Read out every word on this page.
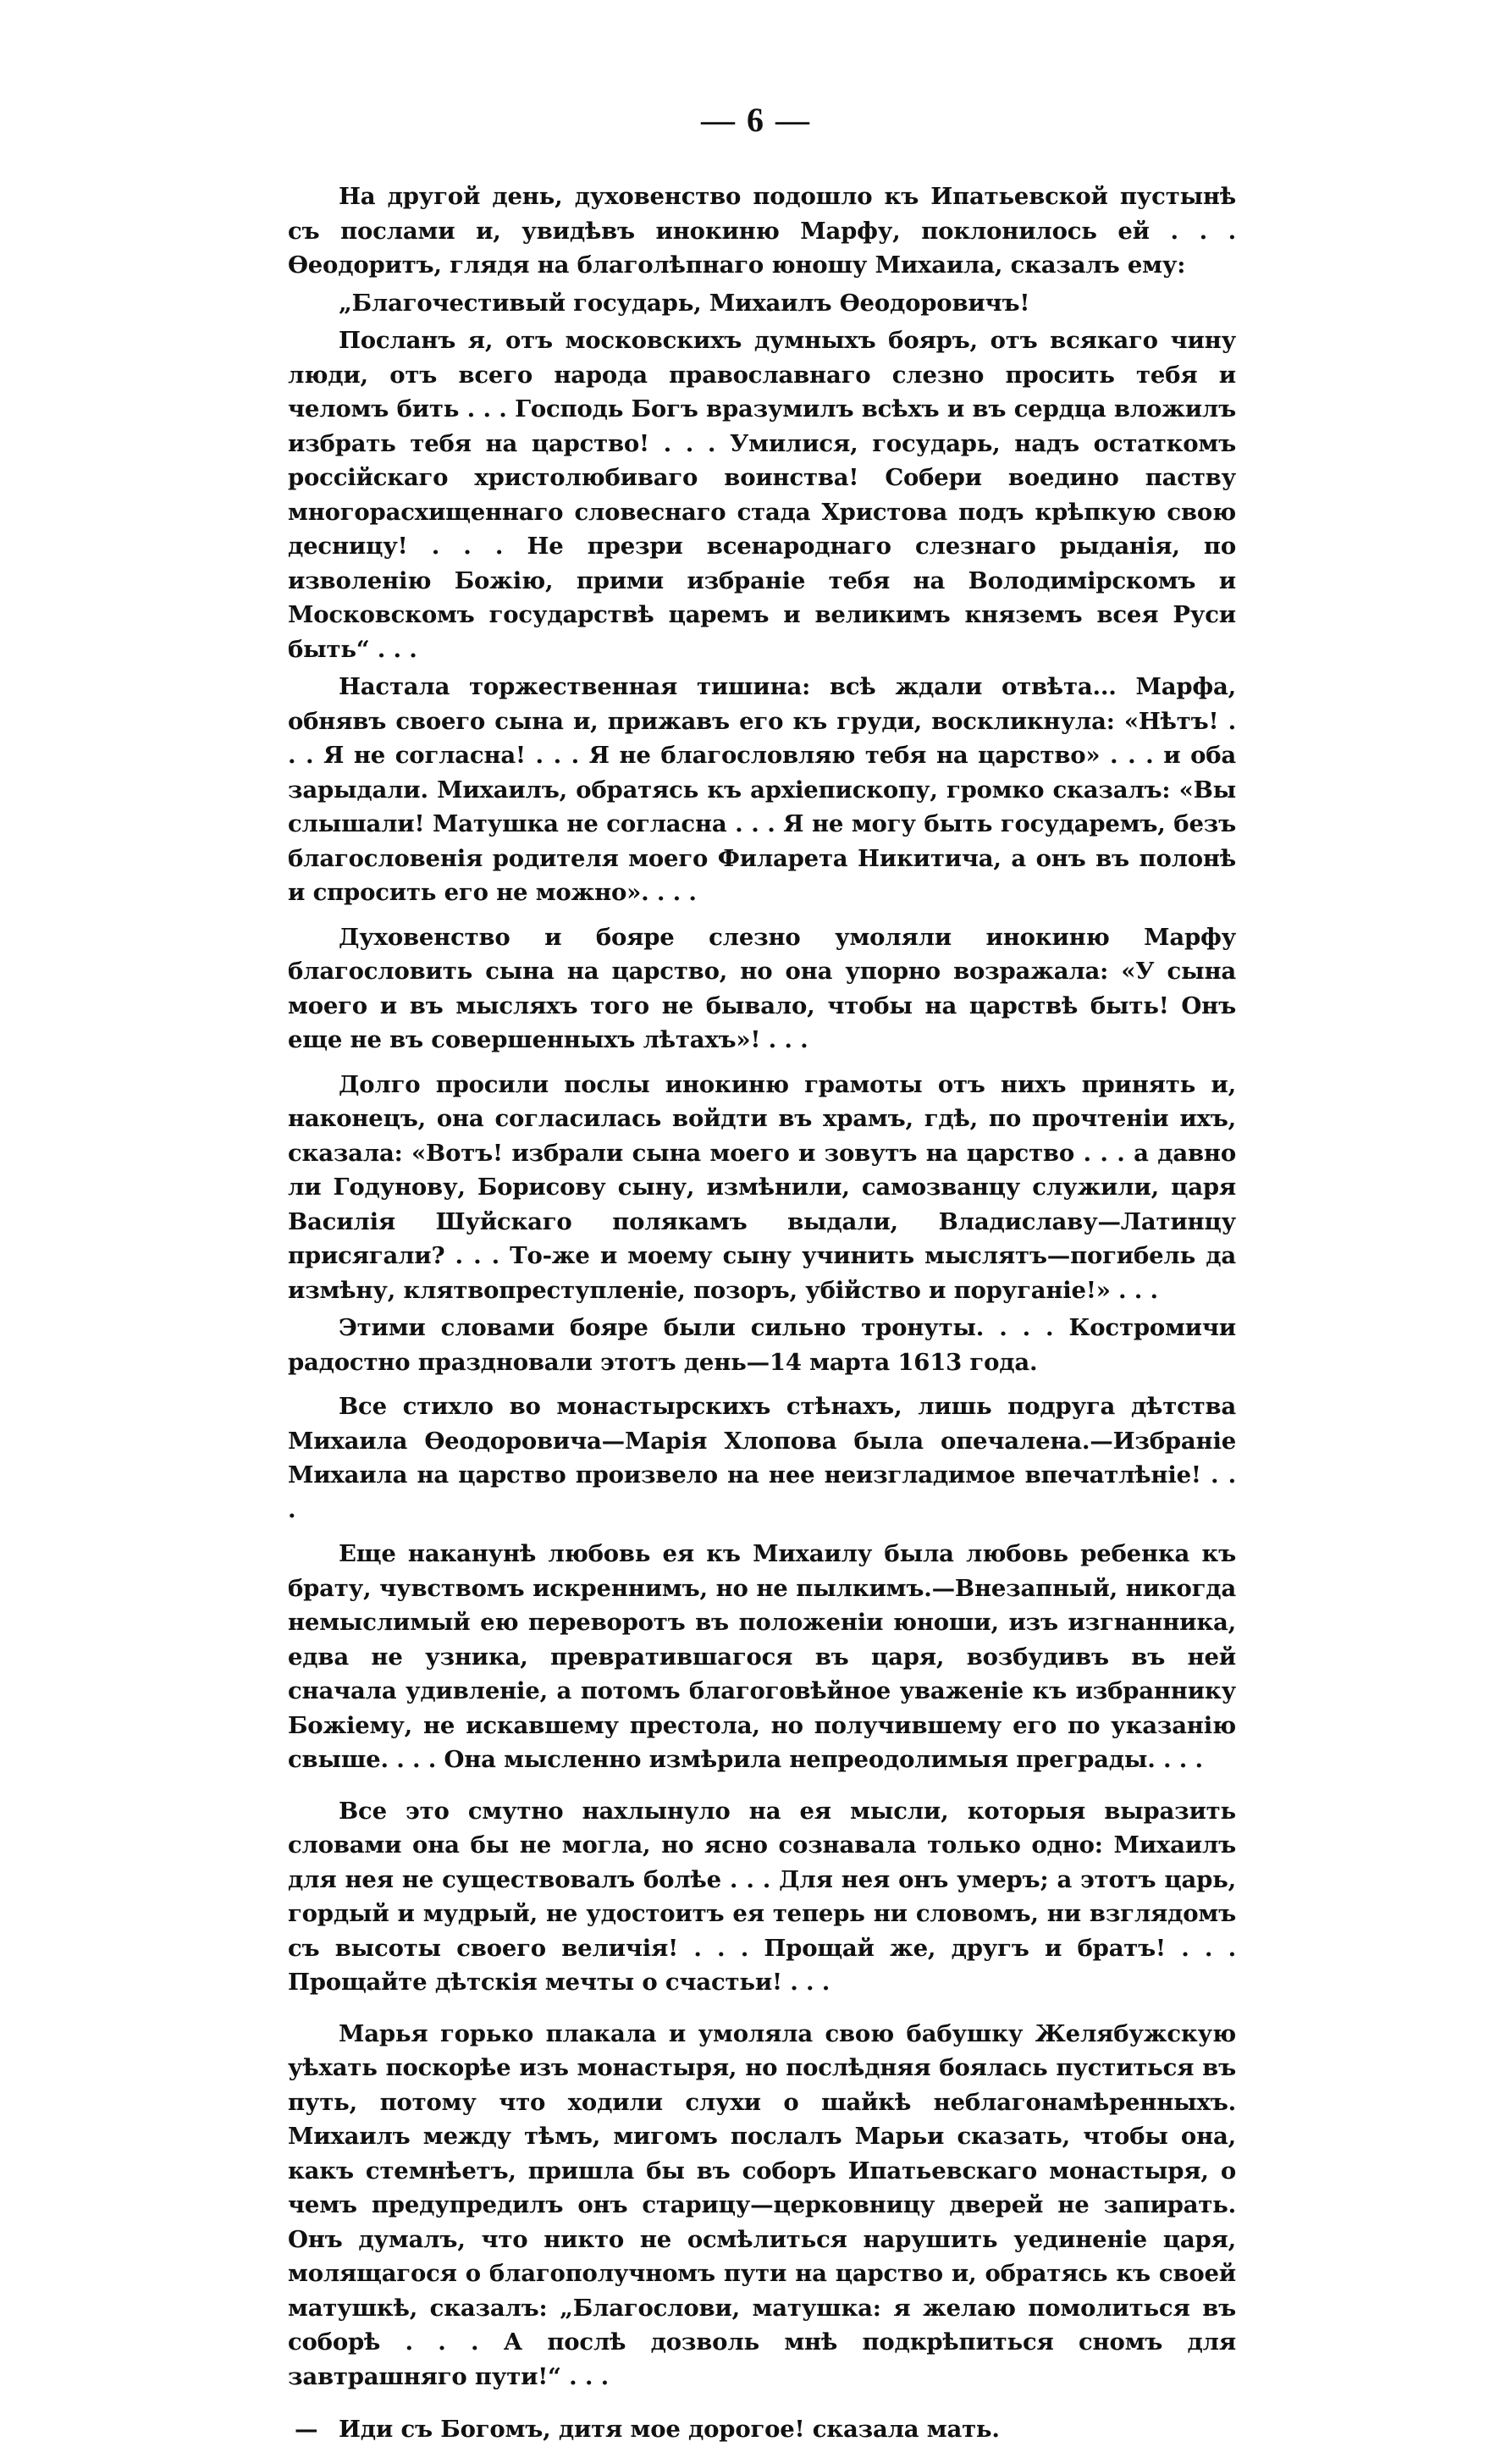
— 6 —

На другой день, духовенство подошло къ Ипатьевской пустынѣ съ послами и, увидѣвъ инокиню Марфу, поклонилось ей . . . Ѳеодоритъ, глядя на благолѣпнаго юношу Михаила, сказалъ ему:

„Благочестивый государь, Михаилъ Ѳеодоровичъ!

Посланъ я, отъ московскихъ думныхъ бояръ, отъ всякаго чину люди, отъ всего народа православнаго слезно просить тебя и челомъ бить . . . Господь Богъ вразумилъ всѣхъ и въ сердца вложилъ избрать тебя на царство! . . . Умилися, государь, надъ остаткомъ россійскаго христолюбиваго воинства! Собери воедино паству многорасхищеннаго словеснаго стада Христова подъ крѣпкую свою десницу! . . . Не презри всенароднаго слезнаго рыданія, по изволенію Божію, прими избраніе тебя на Володимірскомъ и Московскомъ государствѣ царемъ и великимъ княземъ всея Руси быть“ . . .

Настала торжественная тишина: всѣ ждали отвѣта... Марфа, обнявъ своего сына и, прижавъ его къ груди, воскликнула: «Нѣтъ! . . . Я не согласна! . . . Я не благословляю тебя на царство» . . . и оба зарыдали. Михаилъ, обратясь къ архіепископу, громко сказалъ: «Вы слышали! Матушка не согласна . . . Я не могу быть государемъ, безъ благословенія родителя моего Филарета Никитича, а онъ въ полонѣ и спросить его не можно». . . .

Духовенство и бояре слезно умоляли инокиню Марфу благословить сына на царство, но она упорно возражала: «У сына моего и въ мысляхъ того не бывало, чтобы на царствѣ быть! Онъ еще не въ совершенныхъ лѣтахъ»! . . .

Долго просили послы инокиню грамоты отъ нихъ принять и, наконецъ, она согласилась войдти въ храмъ, гдѣ, по прочтеніи ихъ, сказала: «Вотъ! избрали сына моего и зовутъ на царство . . . а давно ли Годунову, Борисову сыну, измѣнили, самозванцу служили, царя Василія Шуйскаго полякамъ выдали, Владиславу—Латинцу присягали? . . . То-же и моему сыну учинить мыслятъ—погибель да измѣну, клятвопреступленіе, позоръ, убійство и поруганіе!» . . .

Этими словами бояре были сильно тронуты. . . . Костромичи радостно праздновали этотъ день—14 марта 1613 года.

Все стихло во монастырскихъ стѣнахъ, лишь подруга дѣтства Михаила Ѳеодоровича—Марія Хлопова была опечалена.—Избраніе Михаила на царство произвело на нее неизгладимое впечатлѣніе! . . .

Еще наканунѣ любовь ея къ Михаилу была любовь ребенка къ брату, чувствомъ искреннимъ, но не пылкимъ.—Внезапный, никогда немыслимый ею переворотъ въ положеніи юноши, изъ изгнанника, едва не узника, превратившагося въ царя, возбудивъ въ ней сначала удивленіе, а потомъ благоговѣйное уваженіе къ избраннику Божіему, не искавшему престола, но получившему его по указанію свыше. . . . Она мысленно измѣрила непреодолимыя преграды. . . .

Все это смутно нахлынуло на ея мысли, которыя выразить словами она бы не могла, но ясно сознавала только одно: Михаилъ для нея не существовалъ болѣе . . . Для нея онъ умеръ; а этотъ царь, гордый и мудрый, не удостоитъ ея теперь ни словомъ, ни взглядомъ съ высоты своего величія! . . . Прощай же, другъ и братъ! . . . Прощайте дѣтскія мечты о счастьи! . . .

Марья горько плакала и умоляла свою бабушку Желябужскую уѣхать поскорѣе изъ монастыря, но послѣдняя боялась пуститься въ путь, потому что ходили слухи о шайкѣ неблагонамѣренныхъ. Михаилъ между тѣмъ, мигомъ послалъ Марьи сказать, чтобы она, какъ стемнѣетъ, пришла бы въ соборъ Ипатьевскаго монастыря, о чемъ предупредилъ онъ старицу—церковницу дверей не запирать. Онъ думалъ, что никто не осмѣлиться нарушить уединеніе царя, молящагося о благополучномъ пути на царство и, обратясь къ своей матушкѣ, сказалъ: „Благослови, матушка: я желаю помолиться въ соборѣ . . . А послѣ дозволь мнѣ подкрѣпиться сномъ для завтрашняго пути!“ . . .

— Иди съ Богомъ, дитя мое дорогое! сказала мать.
